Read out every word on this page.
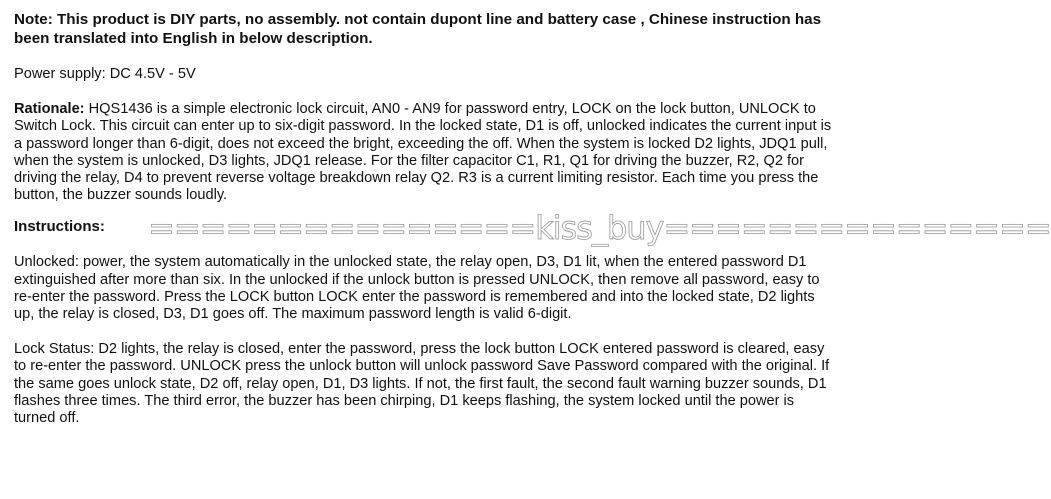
Note: This product is DIY parts, no assembly. not contain dupont line and battery case , Chinese instruction has been translated into English in below description.

Power supply: DC 4.5V - 5V

Rationale: HQS1436 is a simple electronic lock circuit, AN0 - AN9 for password entry, LOCK on the lock button, UNLOCK to Switch Lock. This circuit can enter up to six-digit password. In the locked state, D1 is off, unlocked indicates the current input is a password longer than 6-digit, does not exceed the bright, exceeding the off. When the system is locked D2 lights, JDQ1 pull, when the system is unlocked, D3 lights, JDQ1 release. For the filter capacitor C1, R1, Q1 for driving the buzzer, R2, Q2 for driving the relay, D4 to prevent reverse voltage breakdown relay Q2. R3 is a current limiting resistor. Each time you press the button, the buzzer sounds loudly.

Instructions: ===============kiss_buy===============

Unlocked: power, the system automatically in the unlocked state, the relay open, D3, D1 lit, when the entered password D1 extinguished after more than six. In the unlocked if the unlock button is pressed UNLOCK, then remove all password, easy to re-enter the password. Press the LOCK button LOCK enter the password is remembered and into the locked state, D2 lights up, the relay is closed, D3, D1 goes off. The maximum password length is valid 6-digit.

Lock Status: D2 lights, the relay is closed, enter the password, press the lock button LOCK entered password is cleared, easy to re-enter the password. UNLOCK press the unlock button will unlock password Save Password compared with the original. If the same goes unlock state, D2 off, relay open, D1, D3 lights. If not, the first fault, the second fault warning buzzer sounds, D1 flashes three times. The third error, the buzzer has been chirping, D1 keeps flashing, the system locked until the power is turned off.
